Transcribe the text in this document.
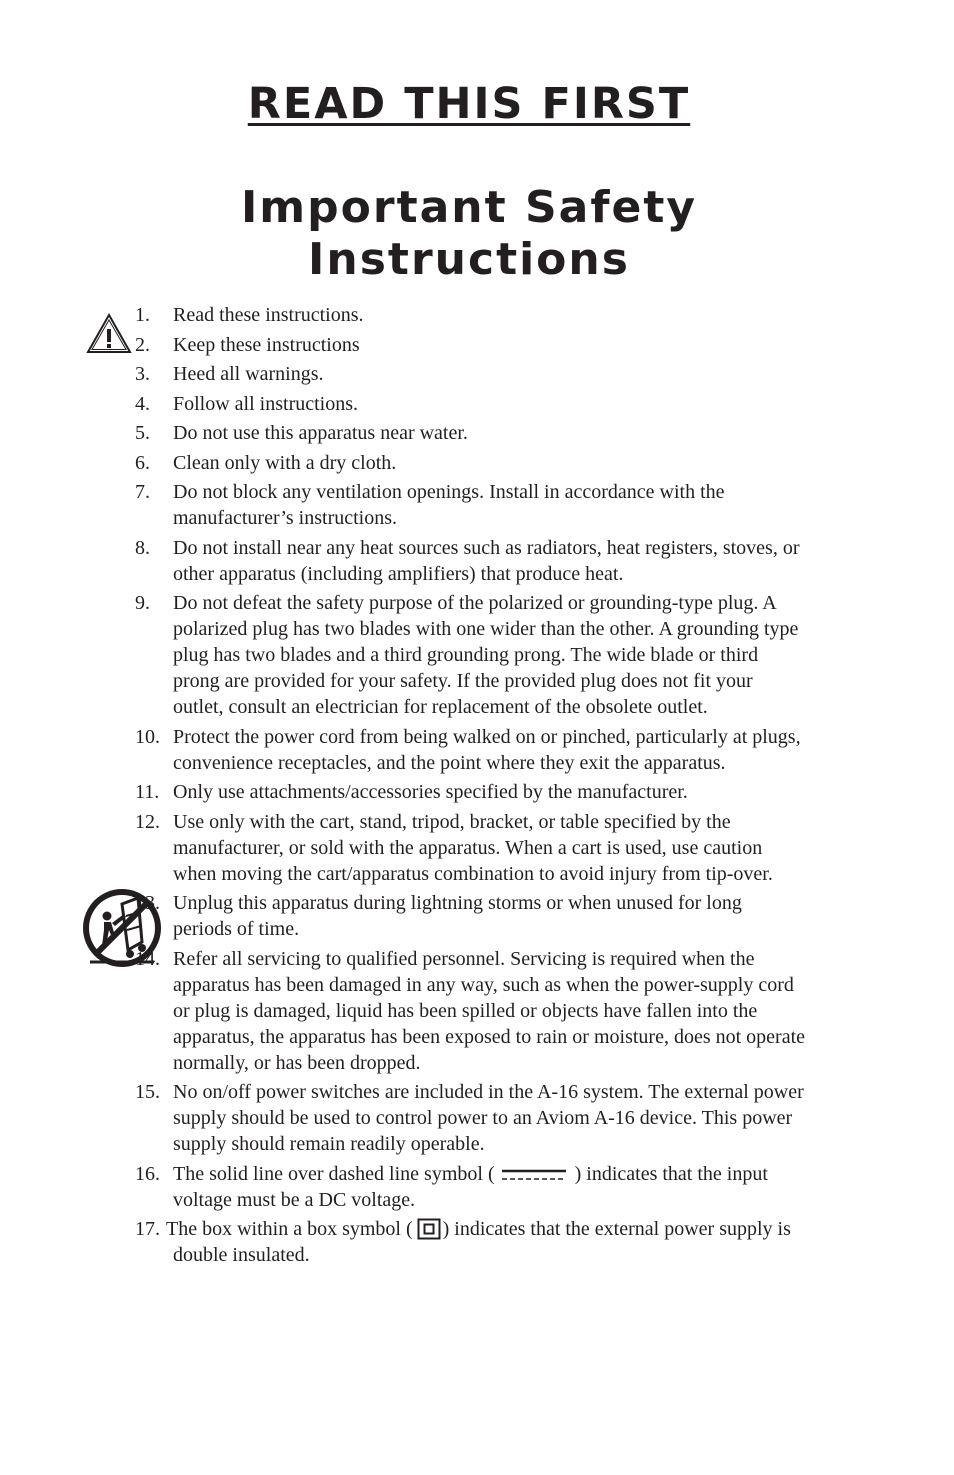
READ THIS FIRST
Important Safety
Instructions
1. Read these instructions.
2. Keep these instructions
3. Heed all warnings.
4. Follow all instructions.
5. Do not use this apparatus near water.
6. Clean only with a dry cloth.
7. Do not block any ventilation openings. Install in accordance with the manufacturer’s instructions.
8. Do not install near any heat sources such as radiators, heat registers, stoves, or other apparatus (including amplifiers) that produce heat.
9. Do not defeat the safety purpose of the polarized or grounding-type plug. A polarized plug has two blades with one wider than the other. A grounding type plug has two blades and a third grounding prong. The wide blade or third prong are provided for your safety. If the provided plug does not fit your outlet, consult an electrician for replacement of the obsolete outlet.
10. Protect the power cord from being walked on or pinched, particularly at plugs, convenience receptacles, and the point where they exit the apparatus.
11. Only use attachments/accessories specified by the manufacturer.
12. Use only with the cart, stand, tripod, bracket, or table specified by the manufacturer, or sold with the apparatus. When a cart is used, use caution when moving the cart/apparatus combination to avoid injury from tip-over.
13. Unplug this apparatus during lightning storms or when unused for long periods of time.
14. Refer all servicing to qualified personnel. Servicing is required when the apparatus has been damaged in any way, such as when the power-supply cord or plug is damaged, liquid has been spilled or objects have fallen into the apparatus, the apparatus has been exposed to rain or moisture, does not operate normally, or has been dropped.
15. No on/off power switches are included in the A-16 system. The external power supply should be used to control power to an Aviom A-16 device. This power supply should remain readily operable.
16. The solid line over dashed line symbol (	) indicates that the input voltage must be a DC voltage.
17. The box within a box symbol ( ) indicates that the external power supply is double insulated.
